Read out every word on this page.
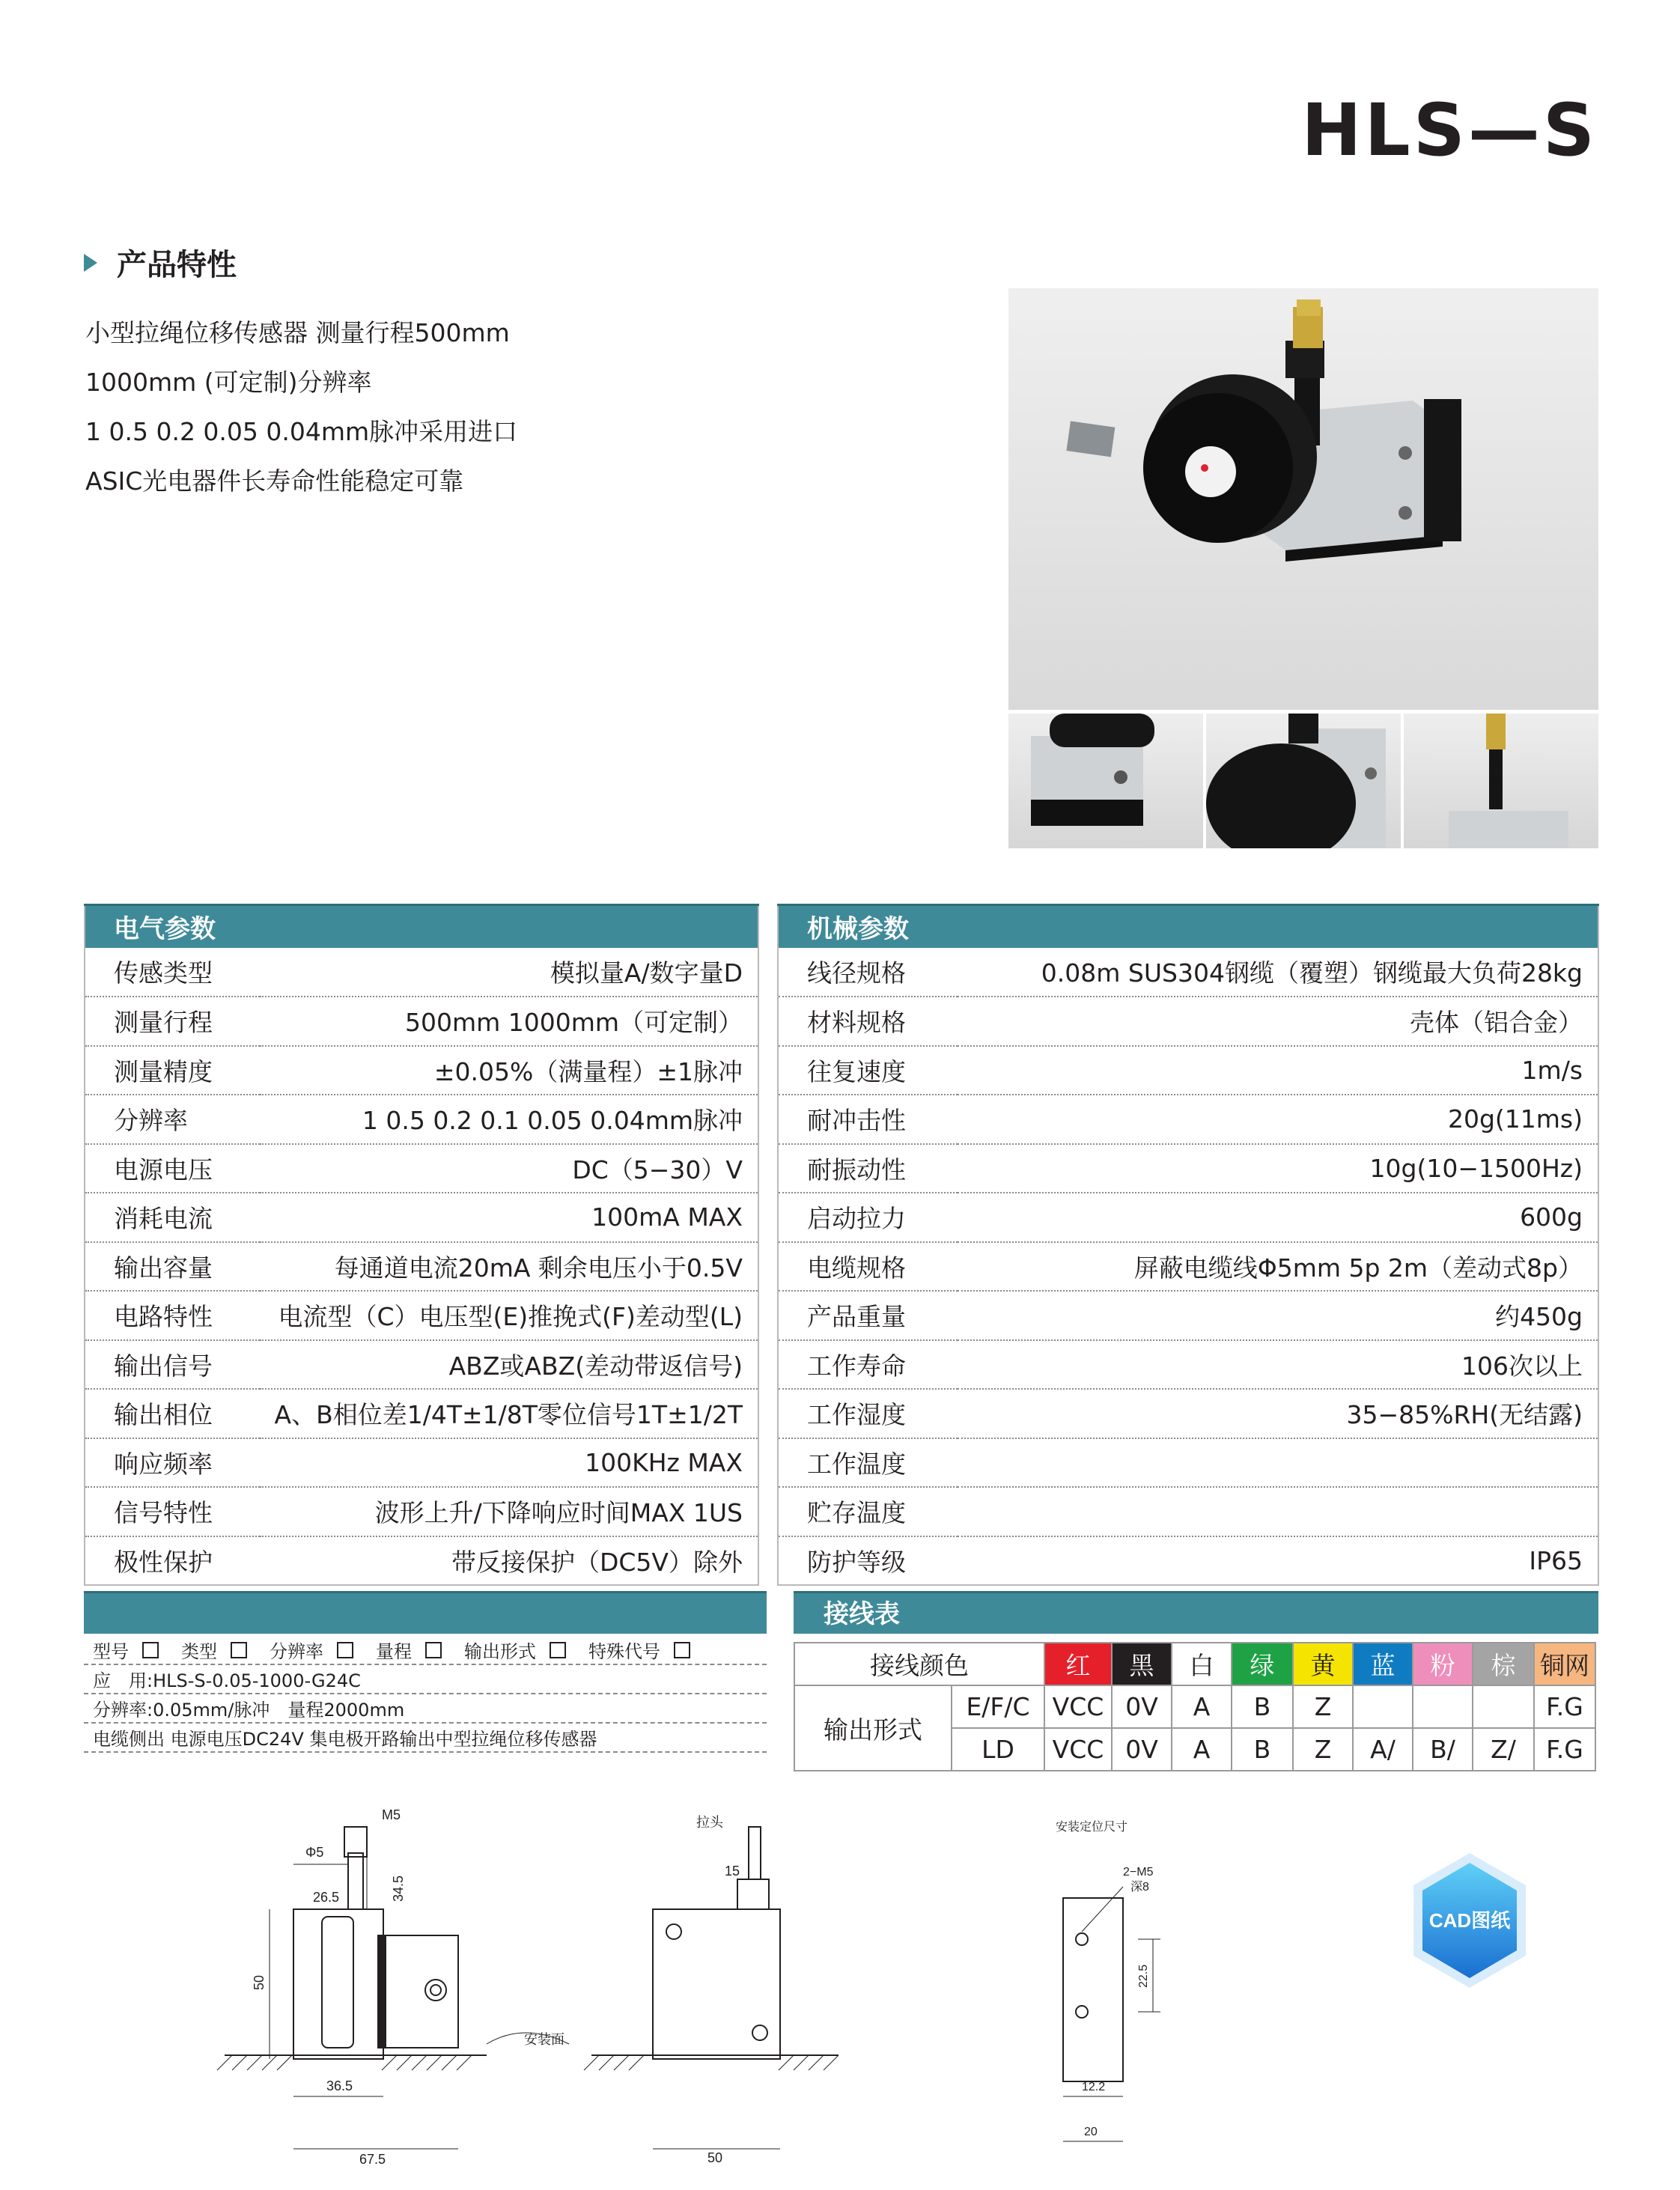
HLS—S
产品特性
小型拉绳位移传感器 测量行程500mm
1000mm (可定制)分辨率
1 0.5 0.2 0.05 0.04mm脉冲采用进口
ASIC光电器件长寿命性能稳定可靠
电气参数	
传感类型	模拟量A/数字量D
测量行程	500mm 1000mm（可定制）
测量精度	±0.05%（满量程）±1脉冲
分辨率	1 0.5 0.2 0.1 0.05 0.04mm脉冲
电源电压	DC（5−30）V
消耗电流	100mA MAX
输出容量	每通道电流20mA 剩余电压小于0.5V
电路特性	电流型（C）电压型(E)推挽式(F)差动型(L)
输出信号	ABZ或ABZ(差动带返信号)
输出相位	A、B相位差1/4T±1/8T零位信号1T±1/2T
响应频率	100KHz MAX
信号特性	波形上升/下降响应时间MAX 1US
极性保护	带反接保护（DC5V）除外
机械参数	
线径规格	0.08m SUS304钢缆（覆塑）钢缆最大负荷28kg
材料规格	壳体（铝合金）
往复速度	1m/s
耐冲击性	20g(11ms)
耐振动性	10g(10−1500Hz)
启动拉力	600g
电缆规格	屏蔽电缆线Φ5mm 5p 2m（差动式8p）
产品重量	约450g
工作寿命	106次以上
工作湿度	35−85%RH(无结露)
工作温度	
贮存温度	
防护等级	IP65
型号	类型	分辨率	量程	输出形式	特殊代号
应　用:HLS-S-0.05-1000-G24C
分辨率:0.05mm/脉冲　量程2000mm
电缆侧出 电源电压DC24V 集电极开路输出中型拉绳位移传感器
接线表
接线颜色		红	黑	白	绿	黄	蓝	粉	棕	铜网
输出形式	E/F/C	VCC	0V	A	B	Z				F.G
	LD	VCC	0V	A	B	Z	A/	B/	Z/	F.G
M5
Φ5
26.5	34.5
50
36.5
67.5
安装面
拉头
15
50
安装定位尺寸
2−M5
深8
22.5
12.2
20
CAD图纸
